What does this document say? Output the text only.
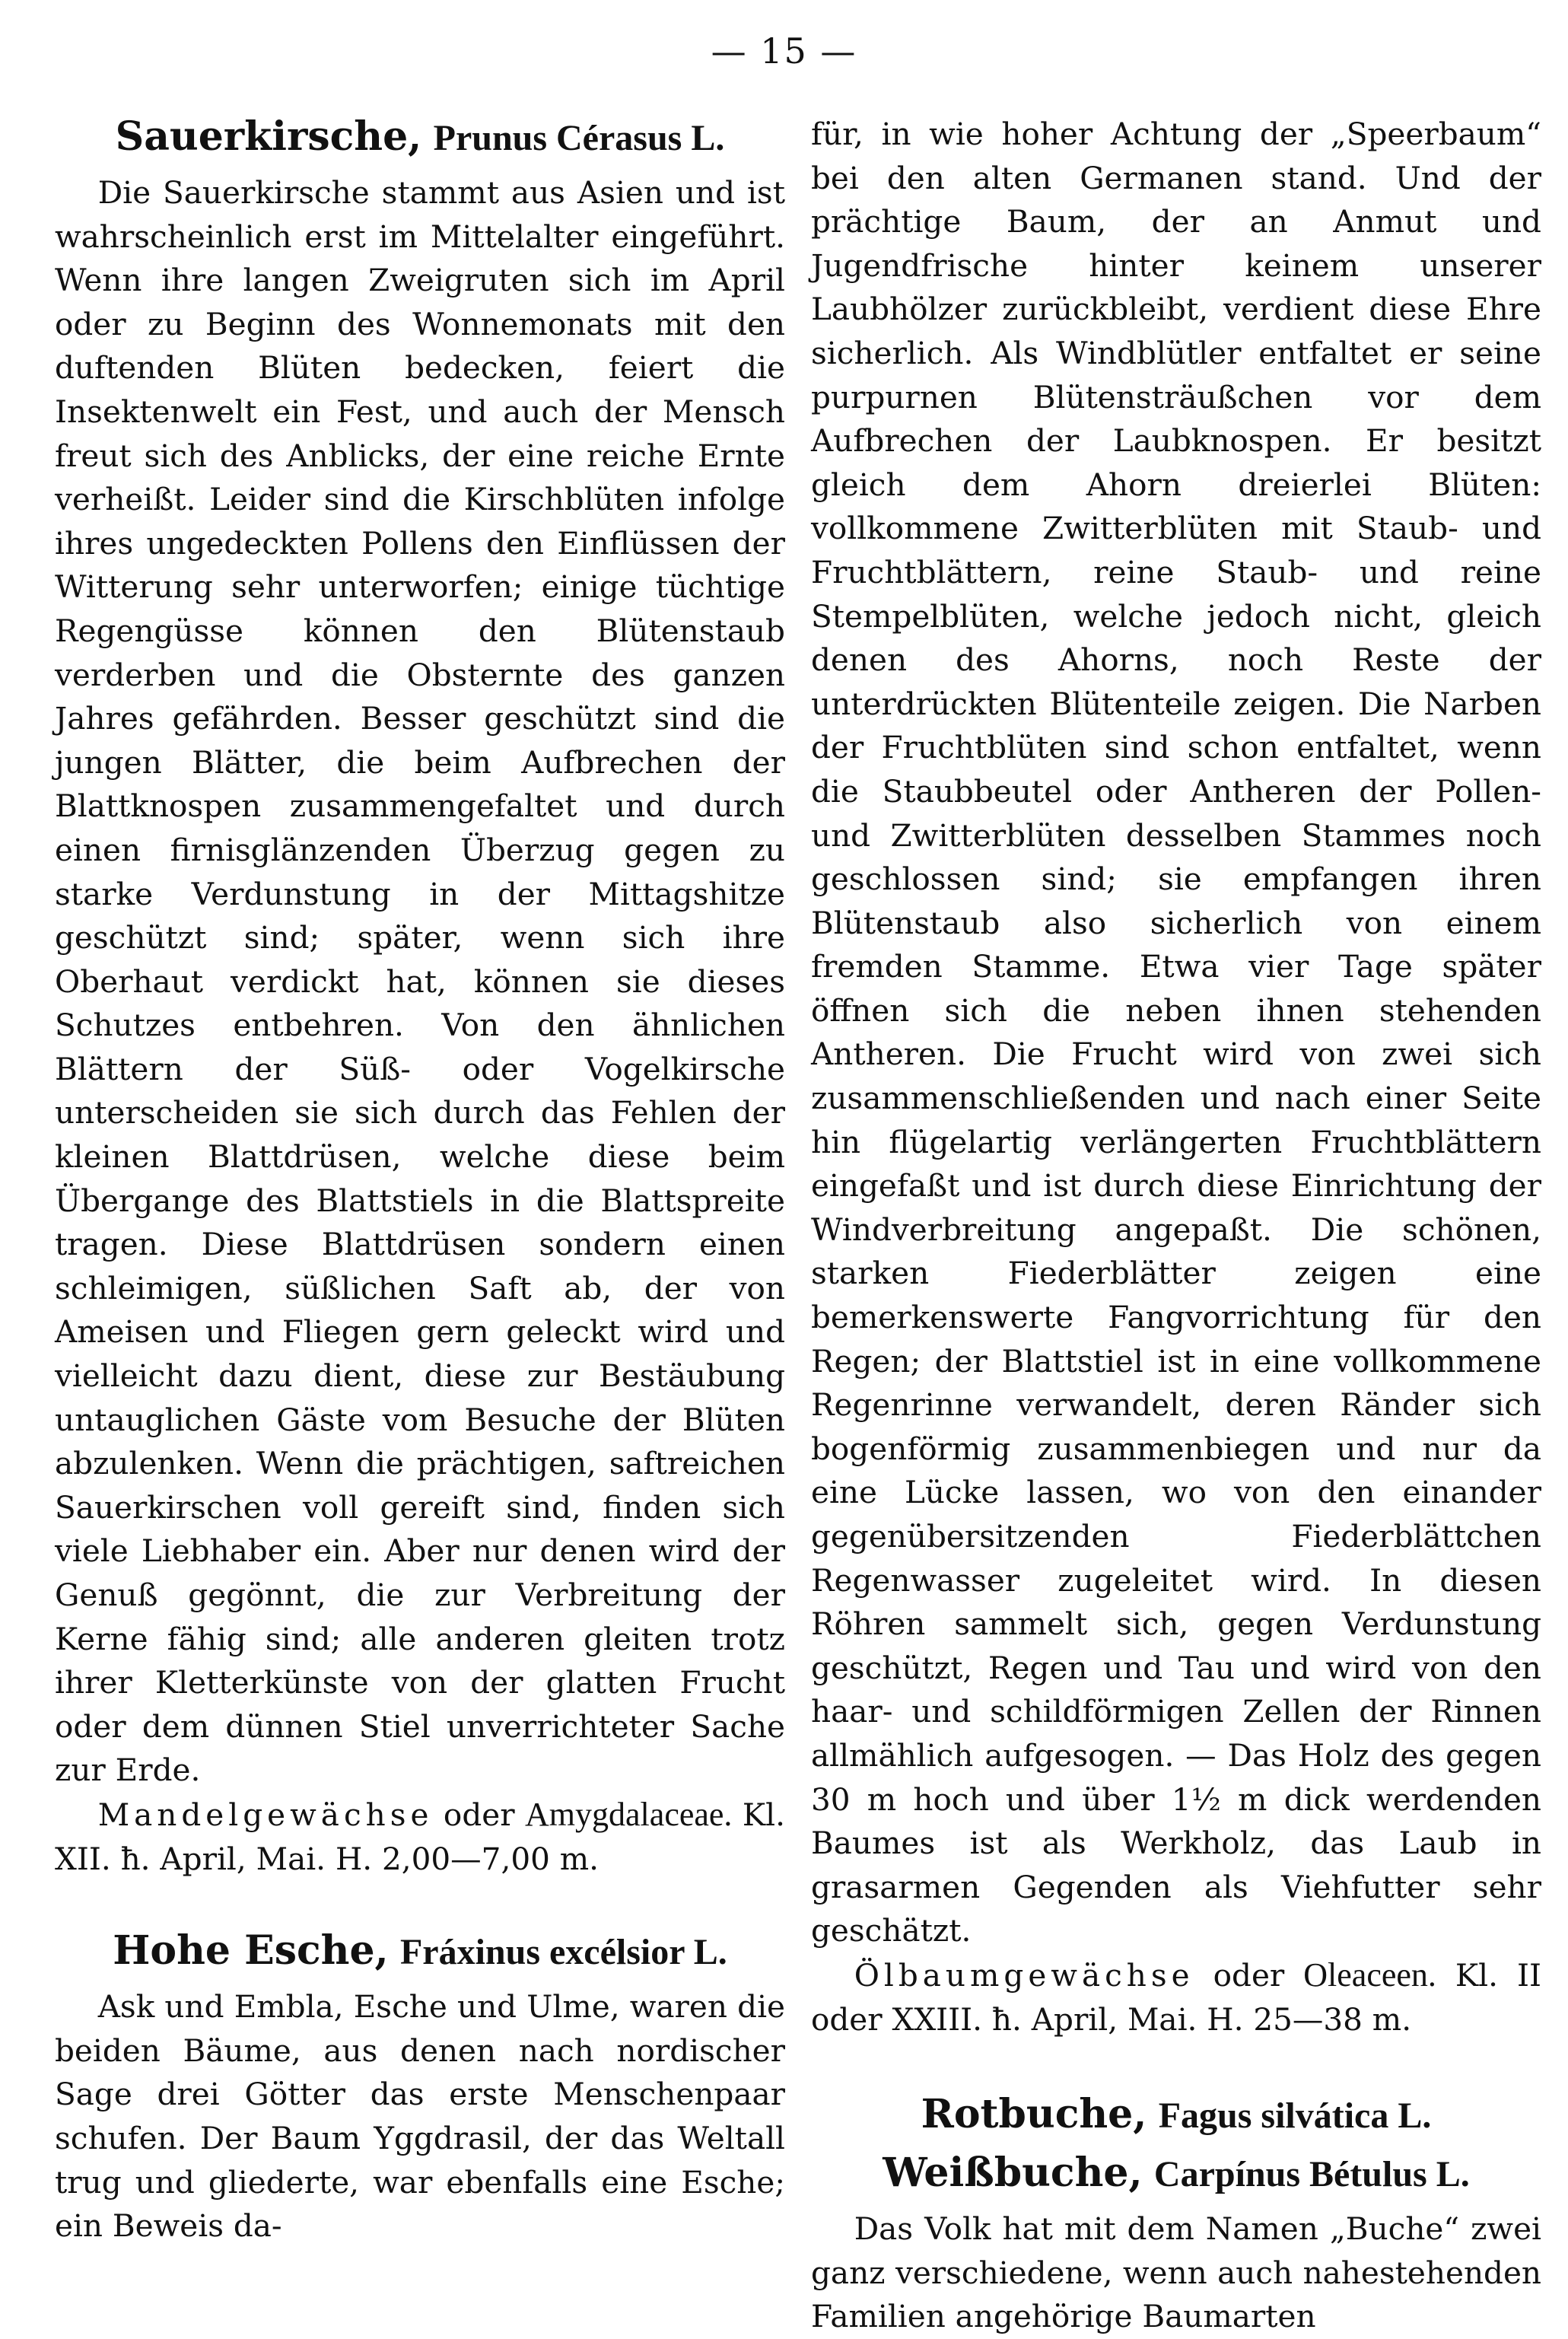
— 15 —
Sauerkirsche, Prunus Cérasus L.

Die Sauerkirsche stammt aus Asien und ist wahrscheinlich erst im Mittelalter eingeführt. Wenn ihre langen Zweigruten sich im April oder zu Beginn des Wonnemonats mit den duftenden Blüten bedecken, feiert die Insektenwelt ein Fest, und auch der Mensch freut sich des Anblicks, der eine reiche Ernte verheißt. Leider sind die Kirschblüten infolge ihres ungedeckten Pollens den Einflüssen der Witterung sehr unterworfen; einige tüchtige Regengüsse können den Blütenstaub verderben und die Obsternte des ganzen Jahres gefährden. Besser geschützt sind die jungen Blätter, die beim Aufbrechen der Blattknospen zusammengefaltet und durch einen firnisglänzenden Überzug gegen zu starke Verdunstung in der Mittagshitze geschützt sind; später, wenn sich ihre Oberhaut verdickt hat, können sie dieses Schutzes entbehren. Von den ähnlichen Blättern der Süß- oder Vogelkirsche unterscheiden sie sich durch das Fehlen der kleinen Blattdrüsen, welche diese beim Übergange des Blattstiels in die Blattspreite tragen. Diese Blattdrüsen sondern einen schleimigen, süßlichen Saft ab, der von Ameisen und Fliegen gern geleckt wird und vielleicht dazu dient, diese zur Bestäubung untauglichen Gäste vom Besuche der Blüten abzulenken. Wenn die prächtigen, saftreichen Sauerkirschen voll gereift sind, finden sich viele Liebhaber ein. Aber nur denen wird der Genuß gegönnt, die zur Verbreitung der Kerne fähig sind; alle anderen gleiten trotz ihrer Kletterkünste von der glatten Frucht oder dem dünnen Stiel unverrichteter Sache zur Erde.

Mandelgewächse oder Amygdalaceae. Kl. XII. ħ. April, Mai. H. 2,00—7,00 m.

Hohe Esche, Fráxinus excélsior L.

Ask und Embla, Esche und Ulme, waren die beiden Bäume, aus denen nach nordischer Sage drei Götter das erste Menschenpaar schufen. Der Baum Yggdrasil, der das Weltall trug und gliederte, war ebenfalls eine Esche; ein Beweis da-

für, in wie hoher Achtung der „Speerbaum“ bei den alten Germanen stand. Und der prächtige Baum, der an Anmut und Jugendfrische hinter keinem unserer Laubhölzer zurückbleibt, verdient diese Ehre sicherlich. Als Windblütler entfaltet er seine purpurnen Blütensträußchen vor dem Aufbrechen der Laubknospen. Er besitzt gleich dem Ahorn dreierlei Blüten: vollkommene Zwitterblüten mit Staub- und Fruchtblättern, reine Staub- und reine Stempelblüten, welche jedoch nicht, gleich denen des Ahorns, noch Reste der unterdrückten Blütenteile zeigen. Die Narben der Fruchtblüten sind schon entfaltet, wenn die Staubbeutel oder Antheren der Pollen- und Zwitterblüten desselben Stammes noch geschlossen sind; sie empfangen ihren Blütenstaub also sicherlich von einem fremden Stamme. Etwa vier Tage später öffnen sich die neben ihnen stehenden Antheren. Die Frucht wird von zwei sich zusammenschließenden und nach einer Seite hin flügelartig verlängerten Fruchtblättern eingefaßt und ist durch diese Einrichtung der Windverbreitung angepaßt. Die schönen, starken Fiederblätter zeigen eine bemerkenswerte Fangvorrichtung für den Regen; der Blattstiel ist in eine vollkommene Regenrinne verwandelt, deren Ränder sich bogenförmig zusammenbiegen und nur da eine Lücke lassen, wo von den einander gegenübersitzenden Fiederblättchen Regenwasser zugeleitet wird. In diesen Röhren sammelt sich, gegen Verdunstung geschützt, Regen und Tau und wird von den haar- und schildförmigen Zellen der Rinnen allmählich aufgesogen. — Das Holz des gegen 30 m hoch und über 1½ m dick werdenden Baumes ist als Werkholz, das Laub in grasarmen Gegenden als Viehfutter sehr geschätzt.

Ölbaumgewächse oder Oleaceen. Kl. II oder XXIII. ħ. April, Mai. H. 25—38 m.

Rotbuche, Fagus silvática L.
Weißbuche, Carpínus Bétulus L.

Das Volk hat mit dem Namen „Buche“ zwei ganz verschiedene, wenn auch nahestehenden Familien angehörige Baumarten
